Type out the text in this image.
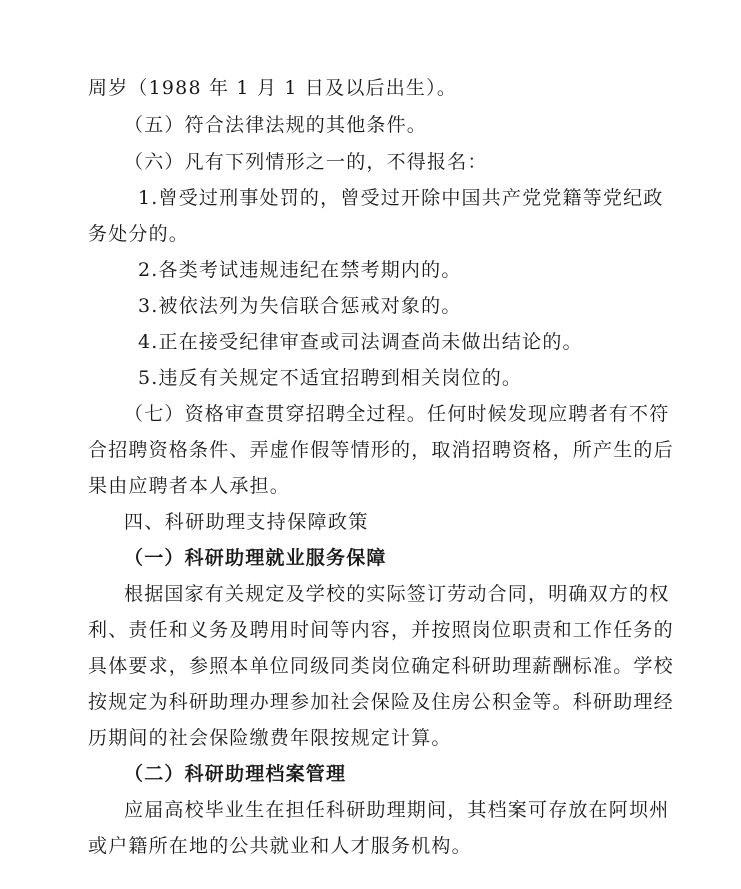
周岁（1988 年 1 月 1 日及以后出生）。

（五）符合法律法规的其他条件。

（六）凡有下列情形之一的，不得报名：

1.曾受过刑事处罚的，曾受过开除中国共产党党籍等党纪政

务处分的。

2.各类考试违规违纪在禁考期内的。

3.被依法列为失信联合惩戒对象的。

4.正在接受纪律审查或司法调查尚未做出结论的。

5.违反有关规定不适宜招聘到相关岗位的。

（七）资格审查贯穿招聘全过程。任何时候发现应聘者有不符

合招聘资格条件、弄虚作假等情形的，取消招聘资格，所产生的后

果由应聘者本人承担。

四、科研助理支持保障政策

（一）科研助理就业服务保障

根据国家有关规定及学校的实际签订劳动合同，明确双方的权

利、责任和义务及聘用时间等内容，并按照岗位职责和工作任务的

具体要求，参照本单位同级同类岗位确定科研助理薪酬标准。学校

按规定为科研助理办理参加社会保险及住房公积金等。科研助理经

历期间的社会保险缴费年限按规定计算。

（二）科研助理档案管理

应届高校毕业生在担任科研助理期间，其档案可存放在阿坝州

或户籍所在地的公共就业和人才服务机构。
